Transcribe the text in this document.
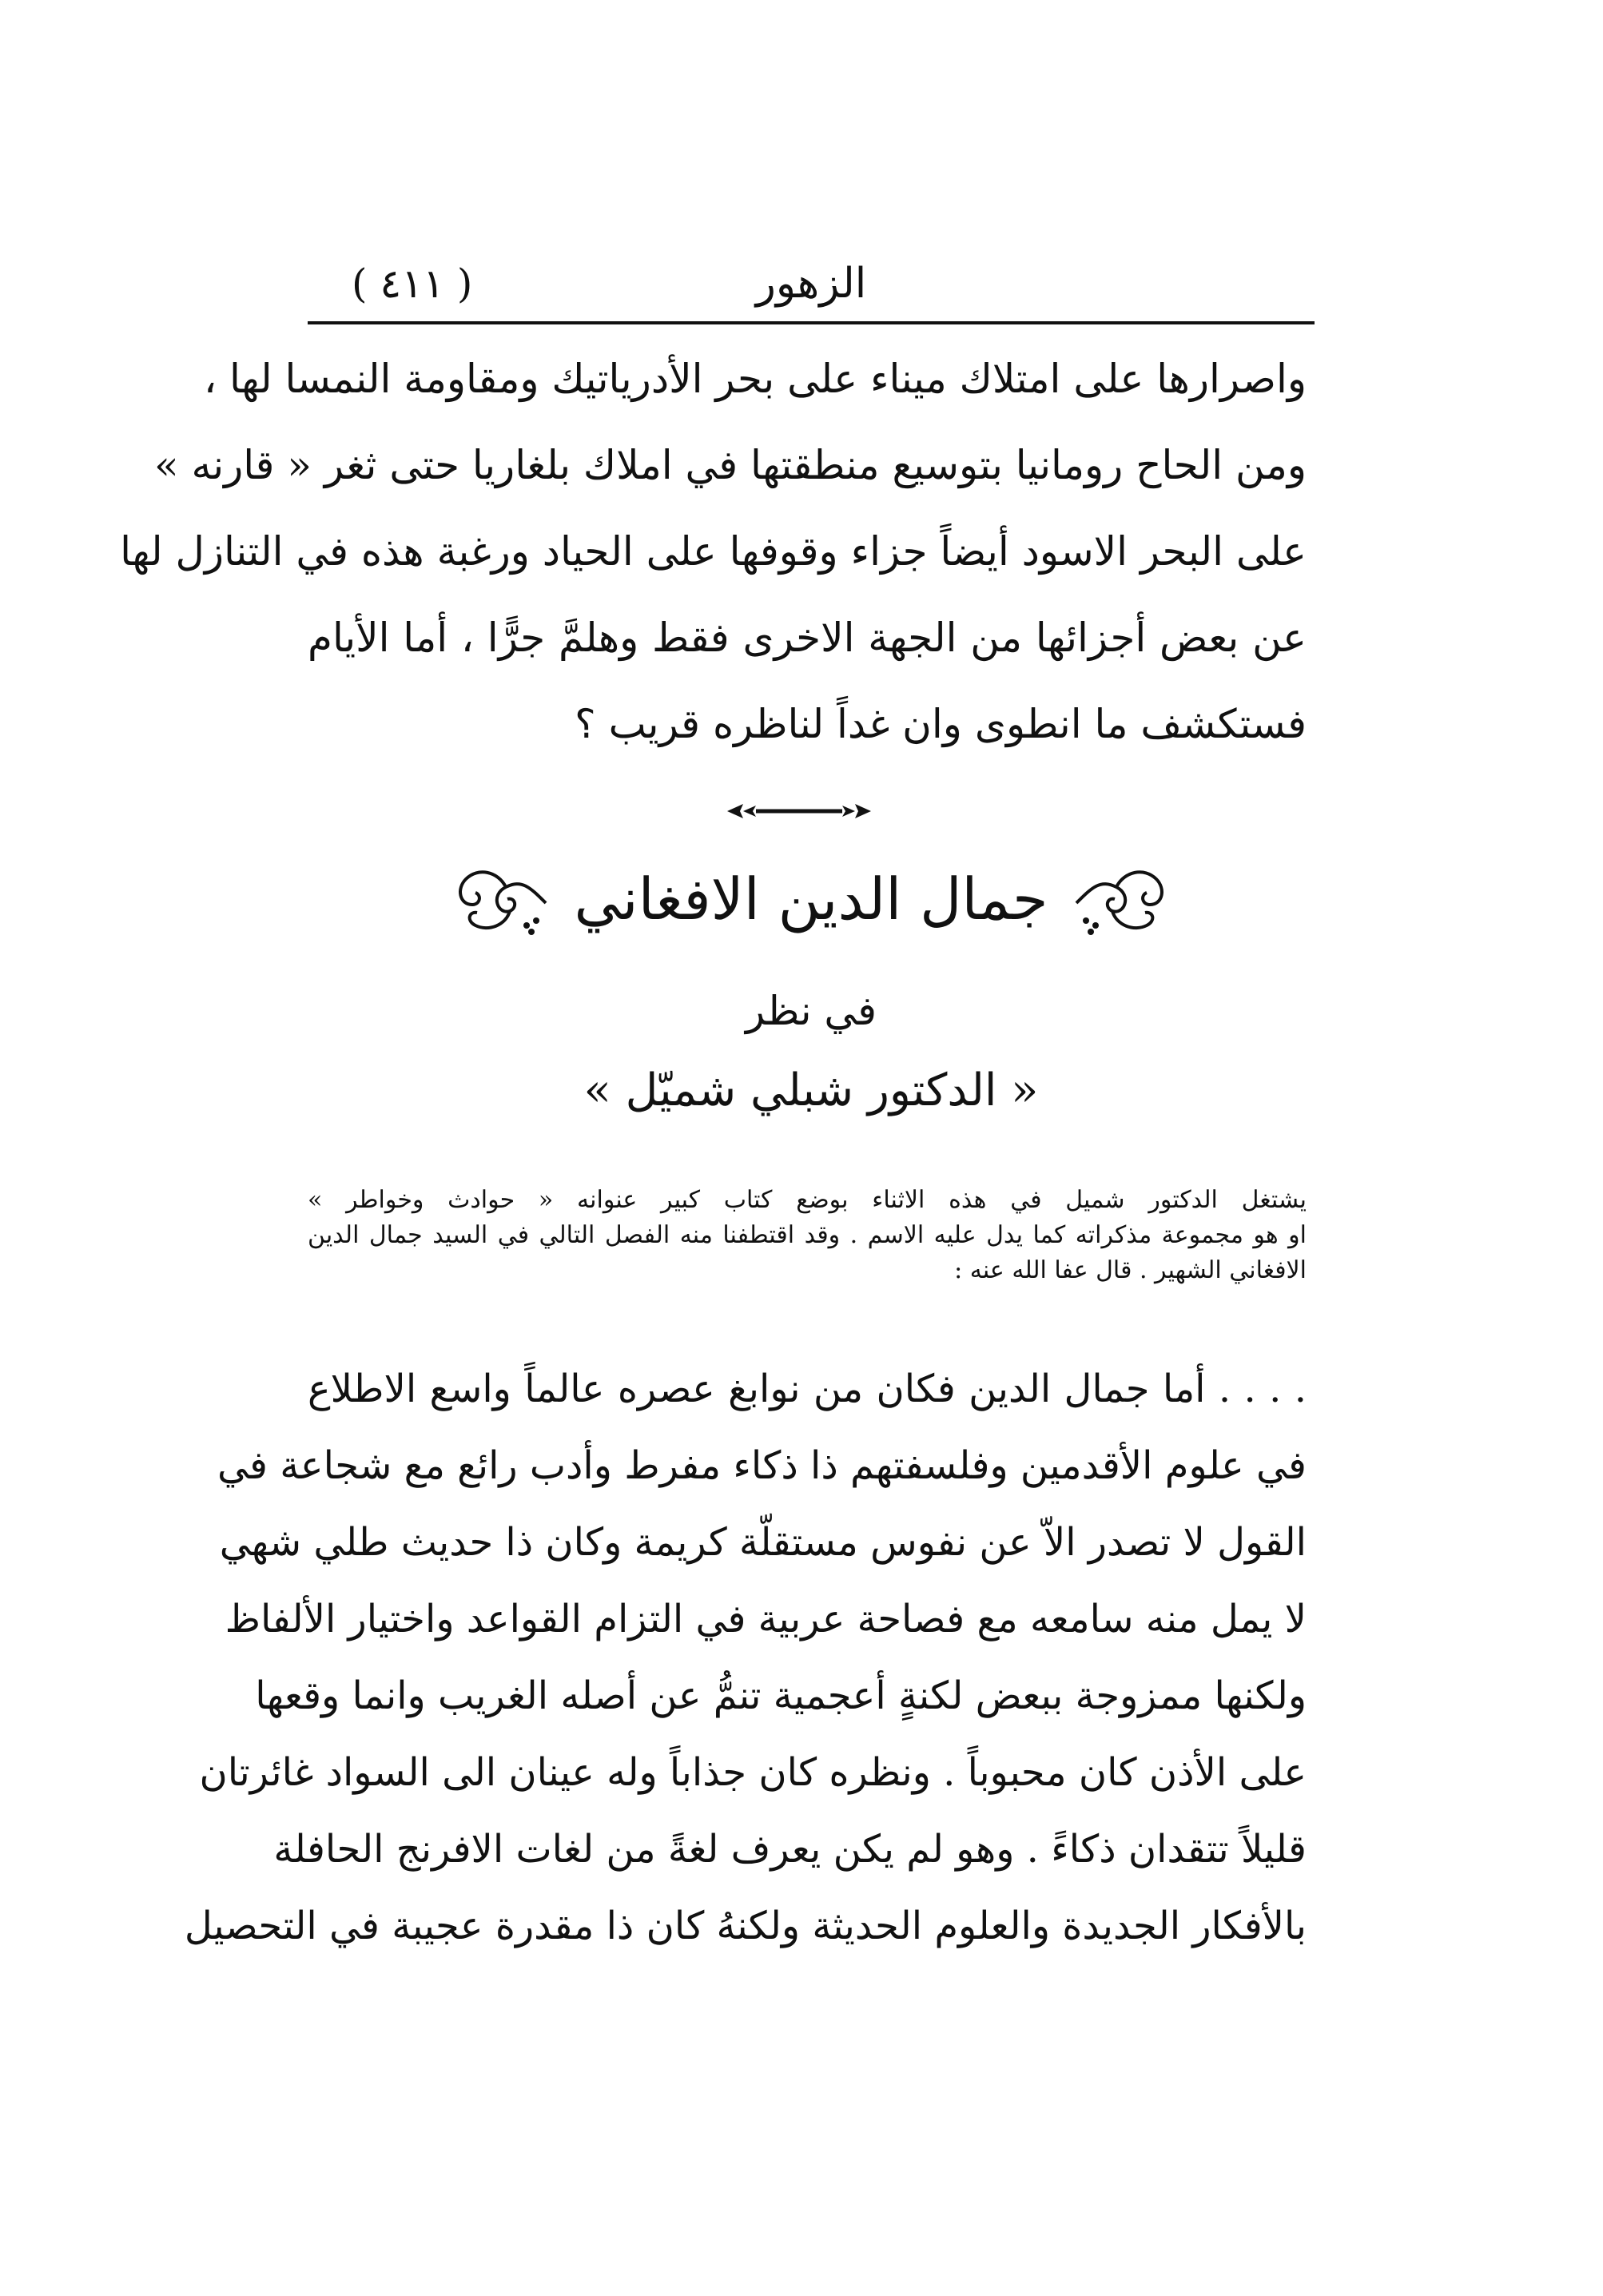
الزهور
( ٤١١ )
واصرارها على امتلاك ميناء على بحر الأدرياتيك ومقاومة النمسا لها ،
ومن الحاح رومانيا بتوسيع منطقتها في املاك بلغاريا حتى ثغر « قارنه »
على البحر الاسود أيضاً جزاء وقوفها على الحياد ورغبة هذه في التنازل لها
عن بعض أجزائها من الجهة الاخرى فقط وهلمَّ جرًّا ، أما الأيام
فستكشف ما انطوى وان غداً لناظره قريب ؟
جمال الدين الافغاني
في نظر
« الدكتور شبلي شميّل »
يشتغل الدكتور شميل في هذه الاثناء بوضع كتاب كبير عنوانه « حوادث وخواطر »
او هو مجموعة مذكراته كما يدل عليه الاسم . وقد اقتطفنا منه الفصل التالي في السيد جمال الدين
الافغاني الشهير . قال عفا الله عنه :
. . . . أما جمال الدين فكان من نوابغ عصره عالماً واسع الاطلاع
في علوم الأقدمين وفلسفتهم ذا ذكاء مفرط وأدب رائع مع شجاعة في
القول لا تصدر الاّ عن نفوس مستقلّة كريمة وكان ذا حديث طلي شهي
لا يمل منه سامعه مع فصاحة عربية في التزام القواعد واختيار الألفاظ
ولكنها ممزوجة ببعض لكنةٍ أعجمية تنمُّ عن أصله الغريب وانما وقعها
على الأذن كان محبوباً . ونظره كان جذاباً وله عينان الى السواد غائرتان
قليلاً تتقدان ذكاءً . وهو لم يكن يعرف لغةً من لغات الافرنج الحافلة
بالأفكار الجديدة والعلوم الحديثة ولكنهُ كان ذا مقدرة عجيبة في التحصيل
